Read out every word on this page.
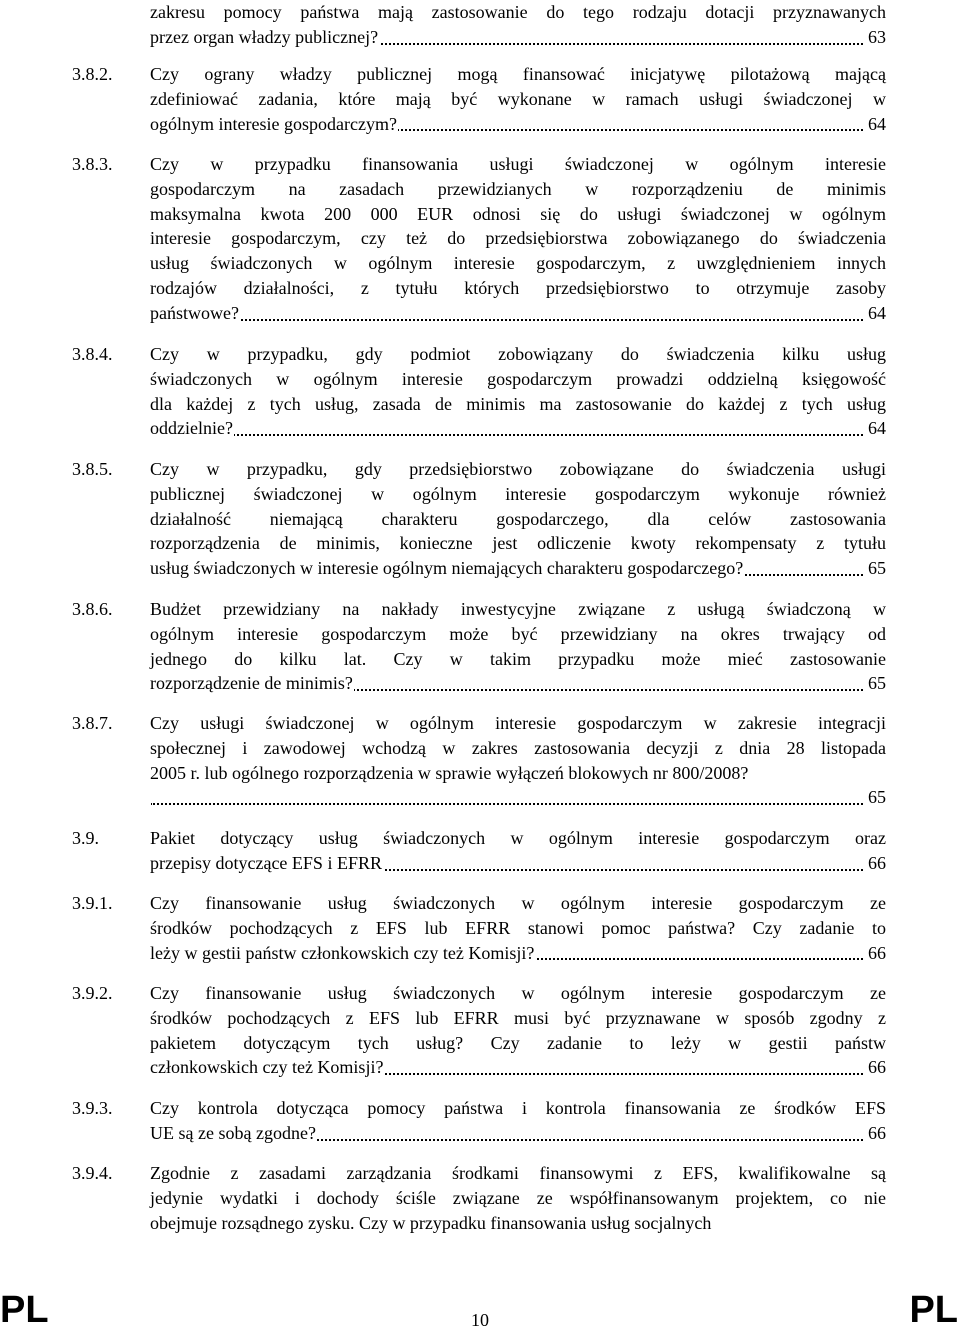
zakresu pomocy państwa mają zastosowanie do tego rodzaju dotacji przyznawanych
przez organ władzy publicznej?	63
3.8.2. Czy ograny władzy publicznej mogą finansować inicjatywę pilotażową mającą
zdefiniować zadania, które mają być wykonane w ramach usługi świadczonej w
ogólnym interesie gospodarczym?	64
3.8.3. Czy w przypadku finansowania usługi świadczonej w ogólnym interesie
gospodarczym na zasadach przewidzianych w rozporządzeniu de minimis
maksymalna kwota 200 000 EUR odnosi się do usługi świadczonej w ogólnym
interesie gospodarczym, czy też do przedsiębiorstwa zobowiązanego do świadczenia
usług świadczonych w ogólnym interesie gospodarczym, z uwzględnieniem innych
rodzajów działalności, z tytułu których przedsiębiorstwo to otrzymuje zasoby
państwowe?	64
3.8.4. Czy w przypadku, gdy podmiot zobowiązany do świadczenia kilku usług
świadczonych w ogólnym interesie gospodarczym prowadzi oddzielną księgowość
dla każdej z tych usług, zasada de minimis ma zastosowanie do każdej z tych usług
oddzielnie?	64
3.8.5. Czy w przypadku, gdy przedsiębiorstwo zobowiązane do świadczenia usługi
publicznej świadczonej w ogólnym interesie gospodarczym wykonuje również
działalność niemającą charakteru gospodarczego, dla celów zastosowania
rozporządzenia de minimis, konieczne jest odliczenie kwoty rekompensaty z tytułu
usług świadczonych w interesie ogólnym niemających charakteru gospodarczego?	65
3.8.6. Budżet przewidziany na nakłady inwestycyjne związane z usługą świadczoną w
ogólnym interesie gospodarczym może być przewidziany na okres trwający od
jednego do kilku lat. Czy w takim przypadku może mieć zastosowanie
rozporządzenie de minimis?	65
3.8.7. Czy usługi świadczonej w ogólnym interesie gospodarczym w zakresie integracji
społecznej i zawodowej wchodzą w zakres zastosowania decyzji z dnia 28 listopada
2005 r. lub ogólnego rozporządzenia w sprawie wyłączeń blokowych nr 800/2008?
65
3.9.	Pakiet dotyczący usług świadczonych w ogólnym interesie gospodarczym oraz
przepisy dotyczące EFS i EFRR	66
3.9.1. Czy finansowanie usług świadczonych w ogólnym interesie gospodarczym ze
środków pochodzących z EFS lub EFRR stanowi pomoc państwa? Czy zadanie to
leży w gestii państw członkowskich czy też Komisji?	66
3.9.2. Czy finansowanie usług świadczonych w ogólnym interesie gospodarczym ze
środków pochodzących z EFS lub EFRR musi być przyznawane w sposób zgodny z
pakietem dotyczącym tych usług? Czy zadanie to leży w gestii państw
członkowskich czy też Komisji?	66
3.9.3. Czy kontrola dotycząca pomocy państwa i kontrola finansowania ze środków EFS
UE są ze sobą zgodne?	66
3.9.4. Zgodnie z zasadami zarządzania środkami finansowymi z EFS, kwalifikowalne są
jedynie wydatki i dochody ściśle związane ze współfinansowanym projektem, co nie
obejmuje rozsądnego zysku. Czy w przypadku finansowania usług socjalnych
PL	10	PL
